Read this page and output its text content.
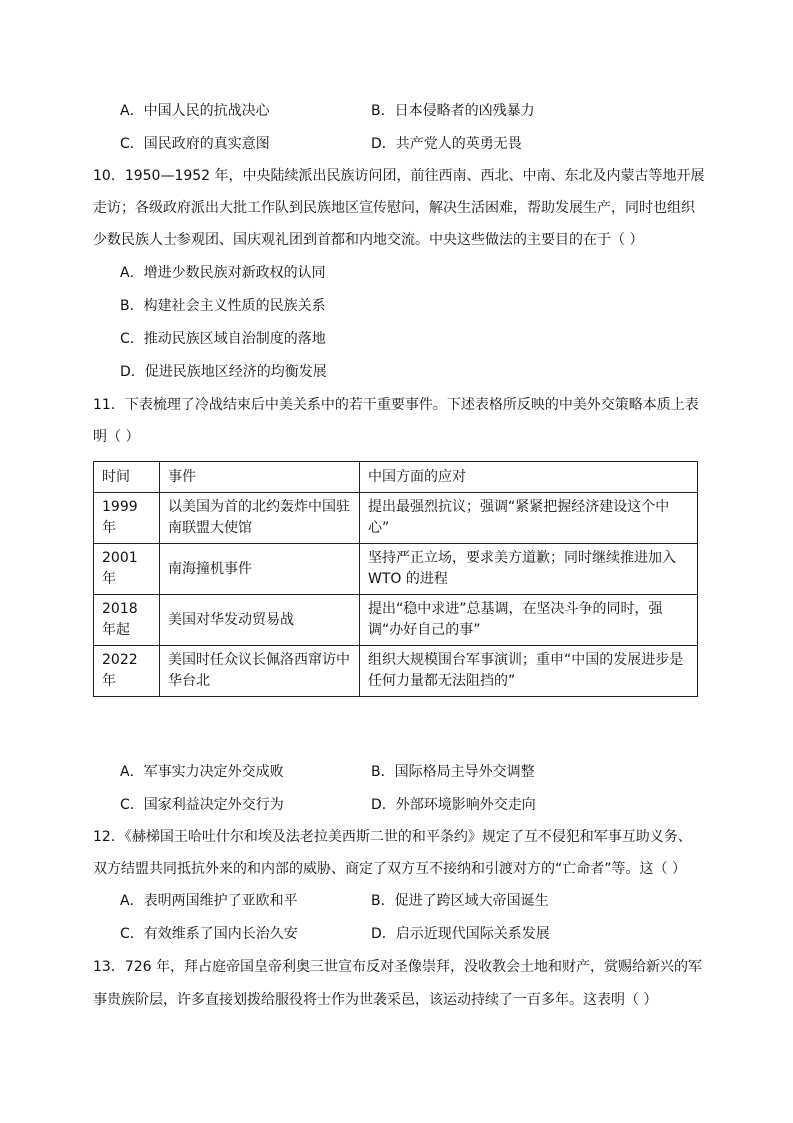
A．中国人民的抗战决心	B．日本侵略者的凶残暴力
C．国民政府的真实意图	D．共产党人的英勇无畏
10．1950—1952 年，中央陆续派出民族访问团，前往西南、西北、中南、东北及内蒙古等地开展
走访；各级政府派出大批工作队到民族地区宣传慰问，解决生活困难，帮助发展生产，同时也组织
少数民族人士参观团、国庆观礼团到首都和内地交流。中央这些做法的主要目的在于（ ）
A．增进少数民族对新政权的认同
B．构建社会主义性质的民族关系
C．推动民族区域自治制度的落地
D．促进民族地区经济的均衡发展
11．下表梳理了冷战结束后中美关系中的若干重要事件。下述表格所反映的中美外交策略本质上表
明（ ）
时间	事件	中国方面的应对
1999 年	以美国为首的北约轰炸中国驻南联盟大使馆	提出最强烈抗议；强调“紧紧把握经济建设这个中心”
2001 年	南海撞机事件	坚持严正立场，要求美方道歉；同时继续推进加入 WTO 的进程
2018 年起	美国对华发动贸易战	提出“稳中求进”总基调，在坚决斗争的同时，强调“办好自己的事”
2022 年	美国时任众议长佩洛西窜访中华台北	组织大规模围台军事演训；重申“中国的发展进步是任何力量都无法阻挡的”
A．军事实力决定外交成败	B．国际格局主导外交调整
C．国家利益决定外交行为	D．外部环境影响外交走向
12．《赫梯国王哈吐什尔和埃及法老拉美西斯二世的和平条约》规定了互不侵犯和军事互助义务、
双方结盟共同抵抗外来的和内部的威胁、商定了双方互不接纳和引渡对方的“亡命者”等。这（ ）
A．表明两国维护了亚欧和平	B．促进了跨区域大帝国诞生
C．有效维系了国内长治久安	D．启示近现代国际关系发展
13．726 年，拜占庭帝国皇帝利奥三世宣布反对圣像崇拜，没收教会土地和财产，赏赐给新兴的军
事贵族阶层，许多直接划拨给服役将士作为世袭采邑，该运动持续了一百多年。这表明（ ）
